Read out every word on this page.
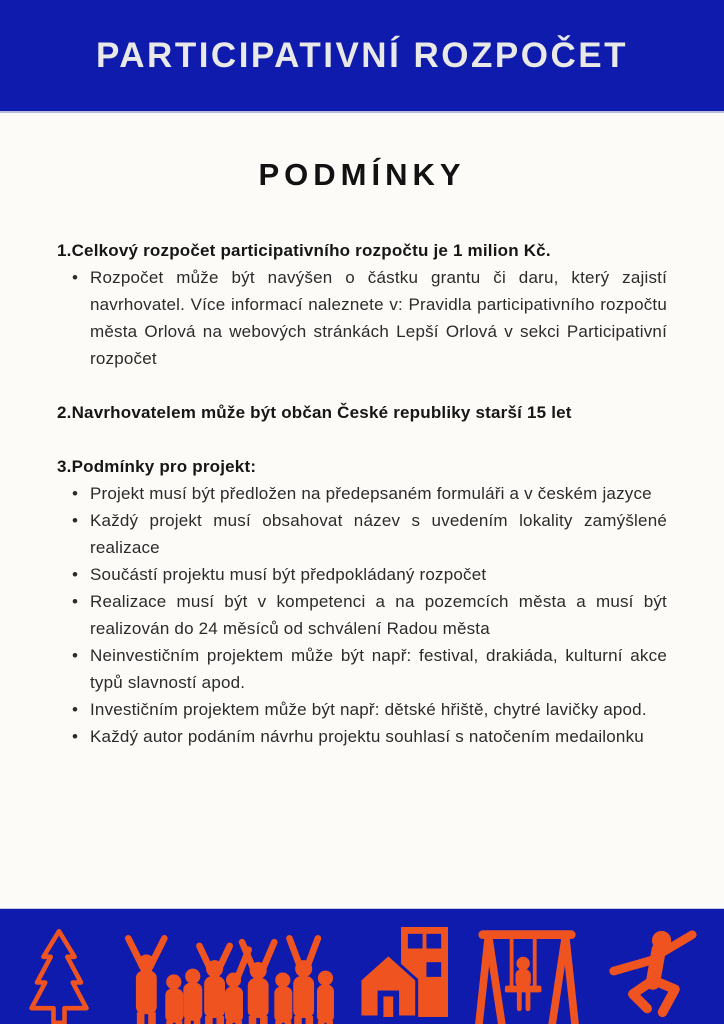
PARTICIPATIVNÍ ROZPOČET
PODMÍNKY

1.Celkový rozpočet participativního rozpočtu je 1 milion Kč.

• Rozpočet může být navýšen o částku grantu či daru, který zajistí navrhovatel. Více informací naleznete v: Pravidla participativního rozpočtu města Orlová na webových stránkách Lepší Orlová v sekci Participativní rozpočet

2.Navrhovatelem může být občan České republiky starší 15 let

3.Podmínky pro projekt:

• Projekt musí být předložen na předepsaném formuláři a v českém jazyce
• Každý projekt musí obsahovat název s uvedením lokality zamýšlené realizace
• Součástí projektu musí být předpokládaný rozpočet
• Realizace musí být v kompetenci a na pozemcích města a musí být realizován do 24 měsíců od schválení Radou města
• Neinvestičním projektem může být např: festival, drakiáda, kulturní akce typů slavností apod.
• Investičním projektem může být např: dětské hřiště, chytré lavičky apod.
• Každý autor podáním návrhu projektu souhlasí s natočením medailonku
